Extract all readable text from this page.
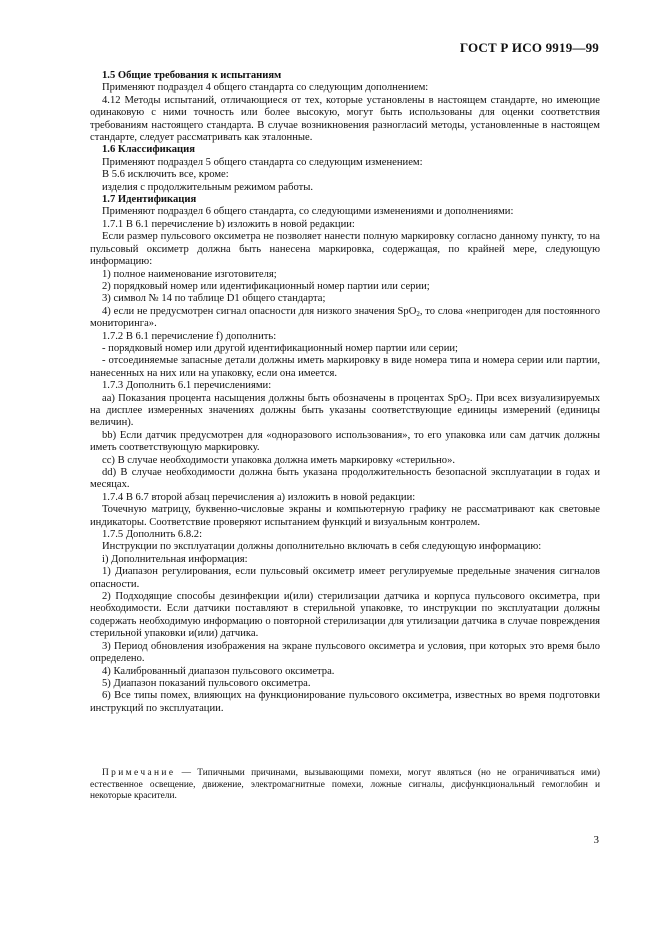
ГОСТ Р ИСО 9919—99

1.5 Общие требования к испытаниям

Применяют подраздел 4 общего стандарта со следующим дополнением:

4.12 Методы испытаний, отличающиеся от тех, которые установлены в настоящем стандарте, но имеющие одинаковую с ними точность или более высокую, могут быть использованы для оценки соответствия требованиям настоящего стандарта. В случае возникновения разногласий методы, установленные в настоящем стандарте, следует рассматривать как эталонные.

1.6 Классификация

Применяют подраздел 5 общего стандарта со следующим изменением:

В 5.6 исключить все, кроме:

изделия с продолжительным режимом работы.

1.7 Идентификация

Применяют подраздел 6 общего стандарта, со следующими изменениями и дополнениями:

1.7.1 В 6.1 перечисление b) изложить в новой редакции:

Если размер пульсового оксиметра не позволяет нанести полную маркировку согласно данному пункту, то на пульсовый оксиметр должна быть нанесена маркировка, содержащая, по крайней мере, следующую информацию:

1) полное наименование изготовителя;

2) порядковый номер или идентификационный номер партии или серии;

3) символ № 14 по таблице D1 общего стандарта;

4) если не предусмотрен сигнал опасности для низкого значения SpO$_2$, то слова «непригоден для постоянного мониторинга».

1.7.2 В 6.1 перечисление f) дополнить:

- порядковый номер или другой идентификационный номер партии или серии;

- отсоединяемые запасные детали должны иметь маркировку в виде номера типа и номера серии или партии, нанесенных на них или на упаковку, если она имеется.

1.7.3 Дополнить 6.1 перечислениями:

aa) Показания процента насыщения должны быть обозначены в процентах SpO$_2$. При всех визуализируемых на дисплее измеренных значениях должны быть указаны соответствующие единицы измерений (единицы величин).

bb) Если датчик предусмотрен для «одноразового использования», то его упаковка или сам датчик должны иметь соответствующую маркировку.

cc) В случае необходимости упаковка должна иметь маркировку «стерильно».

dd) В случае необходимости должна быть указана продолжительность безопасной эксплуатации в годах и месяцах.

1.7.4 В 6.7 второй абзац перечисления а) изложить в новой редакции:

Точечную матрицу, буквенно-числовые экраны и компьютерную графику не рассматривают как световые индикаторы. Соответствие проверяют испытанием функций и визуальным контролем.

1.7.5 Дополнить 6.8.2:

Инструкции по эксплуатации должны дополнительно включать в себя следующую информацию:

i) Дополнительная информация:

1) Диапазон регулирования, если пульсовый оксиметр имеет регулируемые предельные значения сигналов опасности.

2) Подходящие способы дезинфекции и(или) стерилизации датчика и корпуса пульсового оксиметра, при необходимости. Если датчики поставляют в стерильной упаковке, то инструкции по эксплуатации должны содержать необходимую информацию о повторной стерилизации для утилизации датчика в случае повреждения стерильной упаковки и(или) датчика.

3) Период обновления изображения на экране пульсового оксиметра и условия, при которых это время было определено.

4) Калиброванный диапазон пульсового оксиметра.

5) Диапазон показаний пульсового оксиметра.

6) Все типы помех, влияющих на функционирование пульсового оксиметра, известных во время подготовки инструкций по эксплуатации.

Примечание — Типичными причинами, вызывающими помехи, могут являться (но не ограничиваться ими) естественное освещение, движение, электромагнитные помехи, ложные сигналы, дисфункциональный гемоглобин и некоторые красители.
3
